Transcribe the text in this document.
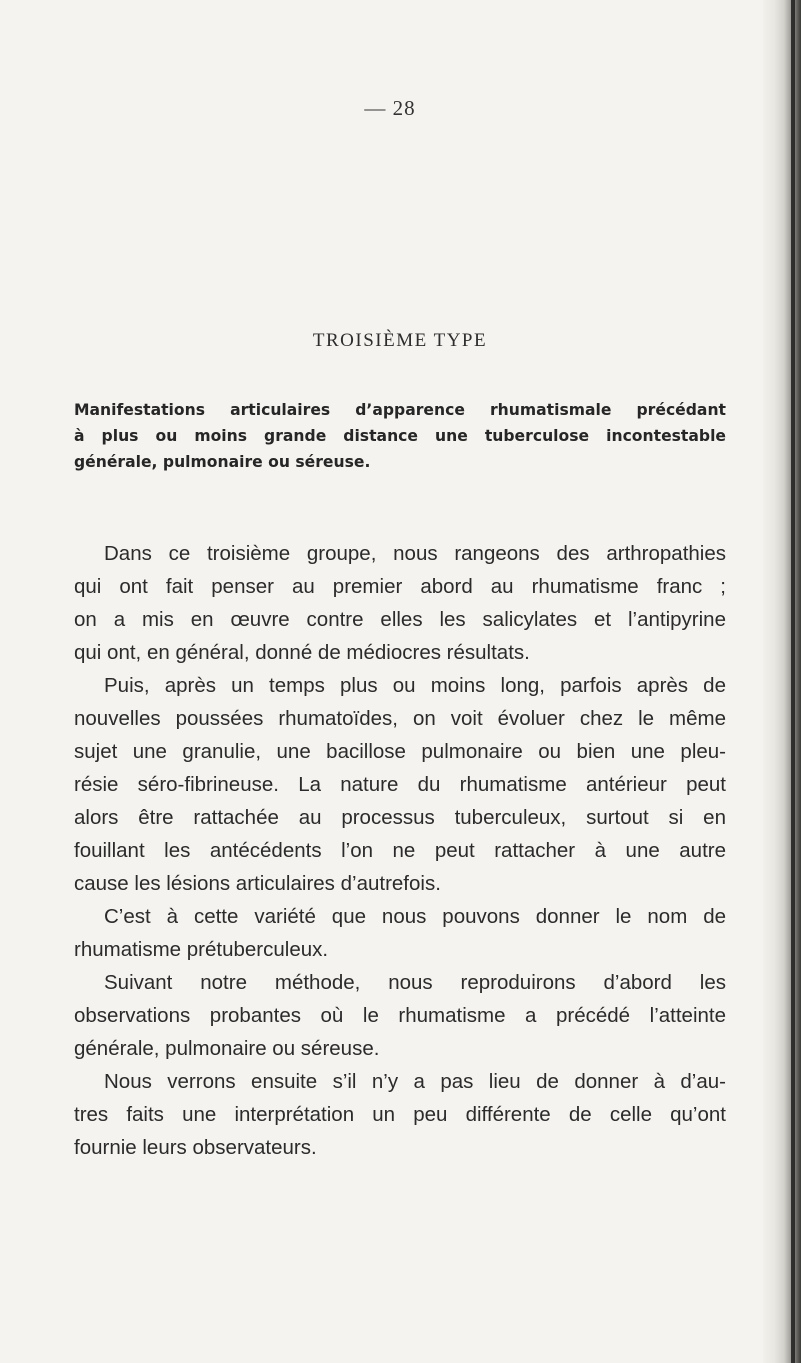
— 28
TROISIÈME TYPE
Manifestations articulaires d’apparence rhumatismale précédant
à plus ou moins grande distance une tuberculose incontestable
générale, pulmonaire ou séreuse.
Dans ce troisième groupe, nous rangeons des arthropathies
qui ont fait penser au premier abord au rhumatisme franc ;
on a mis en œuvre contre elles les salicylates et l’antipyrine
qui ont, en général, donné de médiocres résultats.
Puis, après un temps plus ou moins long, parfois après de
nouvelles poussées rhumatoïdes, on voit évoluer chez le même
sujet une granulie, une bacillose pulmonaire ou bien une pleu-
résie séro-fibrineuse. La nature du rhumatisme antérieur peut
alors être rattachée au processus tuberculeux, surtout si en
fouillant les antécédents l’on ne peut rattacher à une autre
cause les lésions articulaires d’autrefois.
C’est à cette variété que nous pouvons donner le nom de
rhumatisme prétuberculeux.
Suivant notre méthode, nous reproduirons d’abord les
observations probantes où le rhumatisme a précédé l’atteinte
générale, pulmonaire ou séreuse.
Nous verrons ensuite s’il n’y a pas lieu de donner à d’au-
tres faits une interprétation un peu différente de celle qu’ont
fournie leurs observateurs.
